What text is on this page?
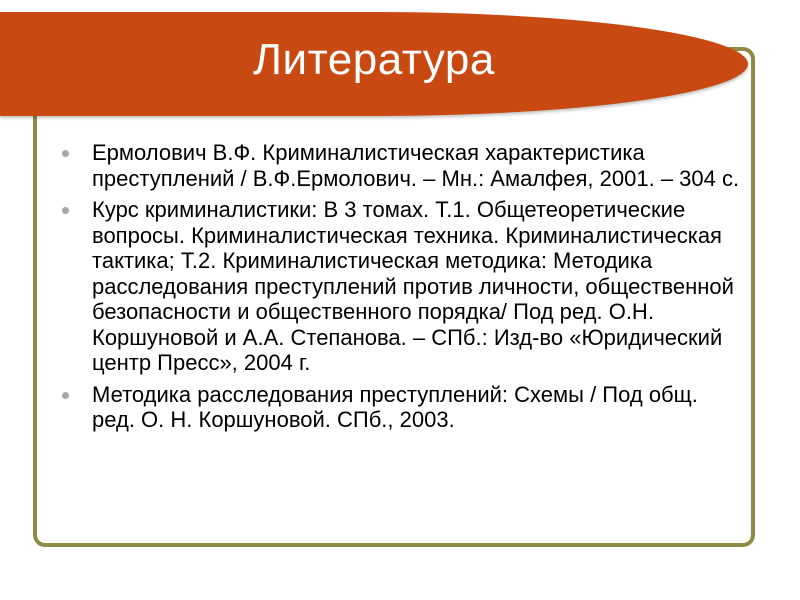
Литература
Ермолович В.Ф. Криминалистическая характеристика преступлений / В.Ф.Ермолович. – Мн.: Амалфея, 2001. – 304 с.
Курс криминалистики: В 3 томах. Т.1. Общетеоретические вопросы. Криминалистическая техника. Криминалистическая тактика; Т.2. Криминалистическая методика: Методика расследования преступлений против личности, общественной безопасности и общественного порядка/ Под ред. О.Н. Коршуновой и А.А. Степанова. – СПб.: Изд-во «Юридический центр Пресс», 2004 г.
Методика расследования преступлений: Схемы / Под общ. ред. О. Н. Коршуновой. СПб., 2003.
